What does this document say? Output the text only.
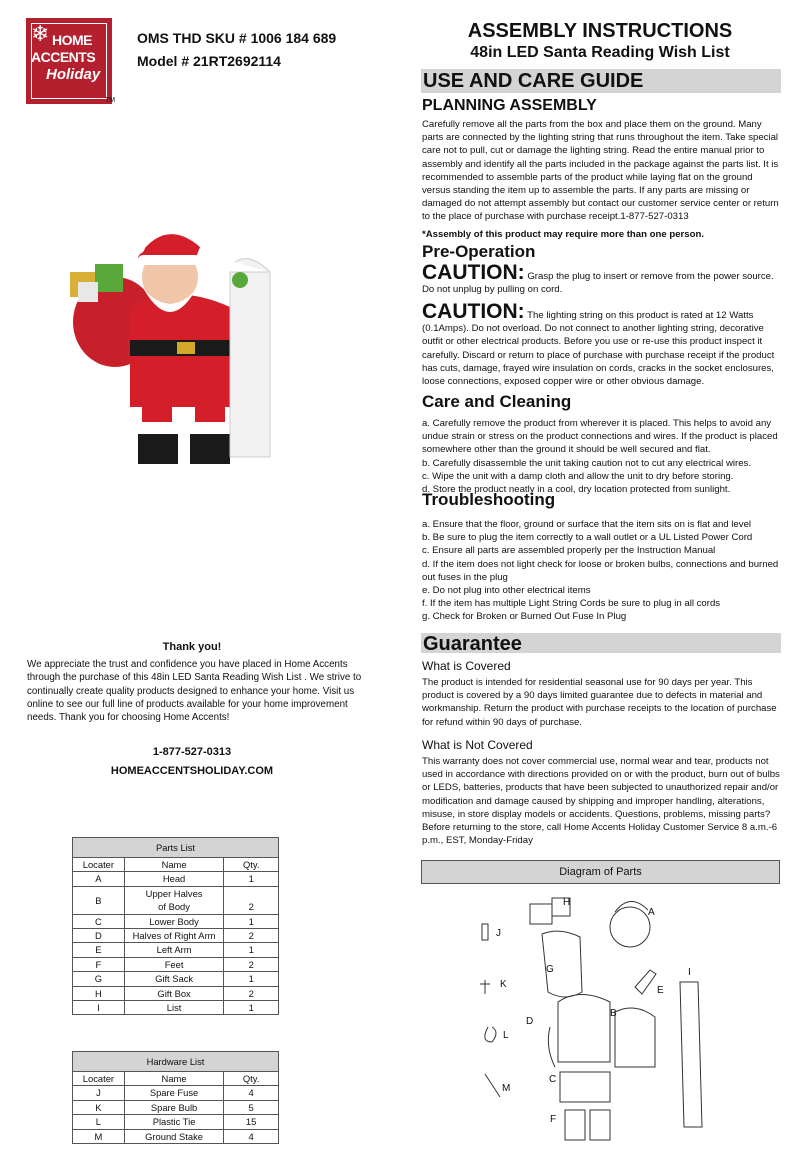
❄ HOME
ACCENTS
Holiday
TM
OMS THD SKU # 1006 184 689
Model # 21RT2692114
Thank you!
We appreciate the trust and confidence you have placed in Home Accents through the purchase of this 48in LED Santa Reading Wish List . We strive to continually create quality products designed to enhance your home. Visit us online to see our full line of products available for your home improvement needs. Thank you for choosing Home Accents!
1-877-527-0313
HOMEACCENTSHOLIDAY.COM
Parts List		
Locater	Name	Qty.
A	Head	1
B	Upper Halves of Body	2
C	Lower Body	1
D	Halves of Right Arm	2
E	Left Arm	1
F	Feet	2
G	Gift Sack	1
H	Gift Box	2
I	List	1
Hardware List		
Locater	Name	Qty.
J	Spare Fuse	4
K	Spare Bulb	5
L	Plastic Tie	15
M	Ground Stake	4
ASSEMBLY INSTRUCTIONS
48in LED Santa Reading Wish List
USE AND CARE GUIDE
PLANNING ASSEMBLY
Carefully remove all the parts from the box and place them on the ground. Many parts are connected by the lighting string that runs throughout the item. Take special care not to pull, cut or damage the lighting string. Read the entire manual prior to assembly and identify all the parts included in the package against the parts list. It is recommended to assemble parts of the product while laying flat on the ground versus standing the item up to assemble the parts. If any parts are missing or damaged do not attempt assembly but contact our customer service center or return to the place of purchase with purchase receipt.1-877-527-0313
*Assembly of this product may require more than one person.
Pre-Operation
CAUTION: Grasp the plug to insert or remove from the power source. Do not unplug by pulling on cord.
CAUTION: The lighting string on this product is rated at 12 Watts (0.1Amps). Do not overload. Do not connect to another lighting string, decorative outfit or other electrical products. Before you use or re-use this product inspect it carefully. Discard or return to place of purchase with purchase receipt if the product has cuts, damage, frayed wire insulation on cords, cracks in the socket enclosures, loose connections, exposed copper wire or other obvious damage.
Care and Cleaning
a. Carefully remove the product from wherever it is placed. This helps to avoid any undue strain or stress on the product connections and wires. If the product is placed somewhere other than the ground it should be well secured and flat.
b. Carefully disassemble the unit taking caution not to cut any electrical wires.
c. Wipe the unit with a damp cloth and allow the unit to dry before storing.
d. Store the product neatly in a cool, dry location protected from sunlight.
Troubleshooting
a. Ensure that the floor, ground or surface that the item sits on is flat and level
b. Be sure to plug the item correctly to a wall outlet or a UL Listed Power Cord
c. Ensure all parts are assembled properly per the Instruction Manual
d. If the item does not light check for loose or broken bulbs, connections and burned out fuses in the plug
e. Do not plug into other electrical items
f. If the item has multiple Light String Cords be sure to plug in all cords
g. Check for Broken or Burned Out Fuse In Plug
Guarantee
What is Covered
The product is intended for residential seasonal use for 90 days per year. This product is covered by a 90 days limited guarantee due to defects in material and workmanship. Return the product with purchase receipts to the location of purchase for refund within 90 days of purchase.
What is Not Covered
This warranty does not cover commercial use, normal wear and tear, products not used in accordance with directions provided on or with the product, burn out of bulbs or LEDS, batteries, products that have been subjected to unauthorized repair and/or modification and damage caused by shipping and improper handling, alterations, misuse, in store display models or accidents. Questions, problems, missing parts? Before returning to the store, call Home Accents Holiday Customer Service 8 a.m.-6 p.m., EST, Monday-Friday
Diagram of Parts
H
A
J
G	I
K
E
B
D
L
C
M
F
